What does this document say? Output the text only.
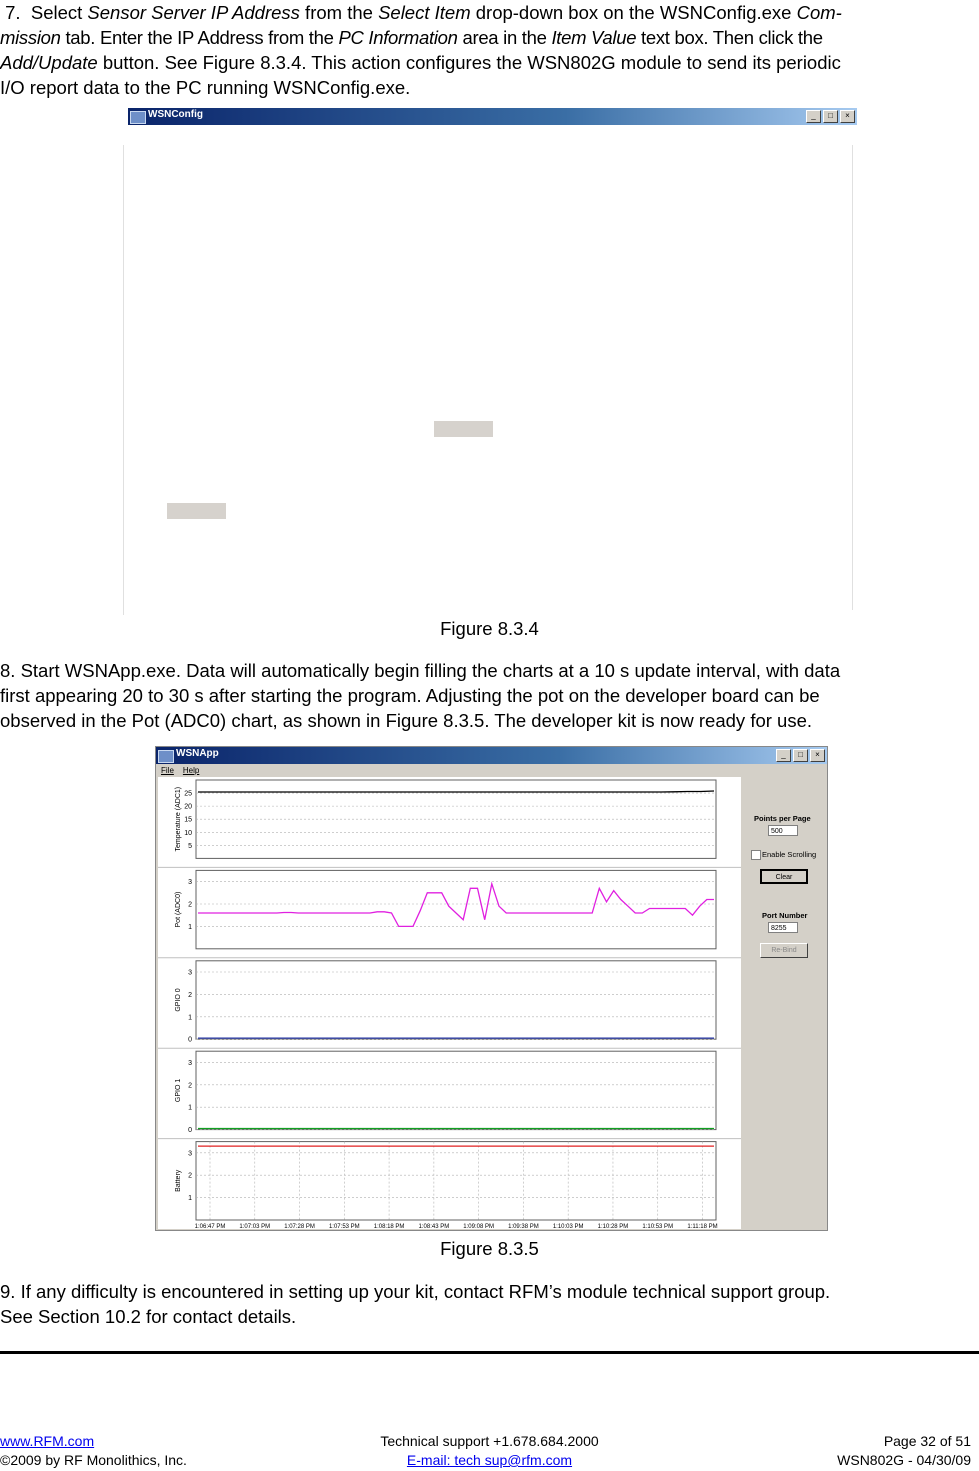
7. Select Sensor Server IP Address from the Select Item drop-down box on the WSNConfig.exe Com-
mission tab. Enter the IP Address from the PC Information area in the Item Value text box. Then click the
Add/Update button. See Figure 8.3.4. This action configures the WSN802G module to send its periodic
I/O report data to the PC running WSNConfig.exe.
WSNConfig	_	□	×
Figure 8.3.4
8. Start WSNApp.exe. Data will automatically begin filling the charts at a 10 s update interval, with data
first appearing 20 to 30 s after starting the program. Adjusting the pot on the developer board can be
observed in the Pot (ADC0) chart, as shown in Figure 8.3.5. The developer kit is now ready for use.
WSNApp	_	□	×
File Help
5
10
15
20
25
Temperature (ADC1)
1
2
3
Pot (ADC0)
0
1
2
3
GPIO 0
0
1
2
3
GPIO 1
1
2
3
Battery
1:06:47 PM 1:07:03 PM 1:07:28 PM 1:07:53 PM 1:08:18 PM 1:08:43 PM 1:09:08 PM 1:09:38 PM 1:10:03 PM 1:10:28 PM 1:10:53 PM 1:11:18 PM
Points per Page
500
Enable Scrolling
Clear
Port Number
8255
Re-Bind
Figure 8.3.5
9. If any difficulty is encountered in setting up your kit, contact RFM’s module technical support group.
See Section 10.2 for contact details.
www.RFM.com
©2009 by RF Monolithics, Inc.
Technical support +1.678.684.2000
E-mail: tech sup@rfm.com
Page 32 of 51
WSN802G - 04/30/09
